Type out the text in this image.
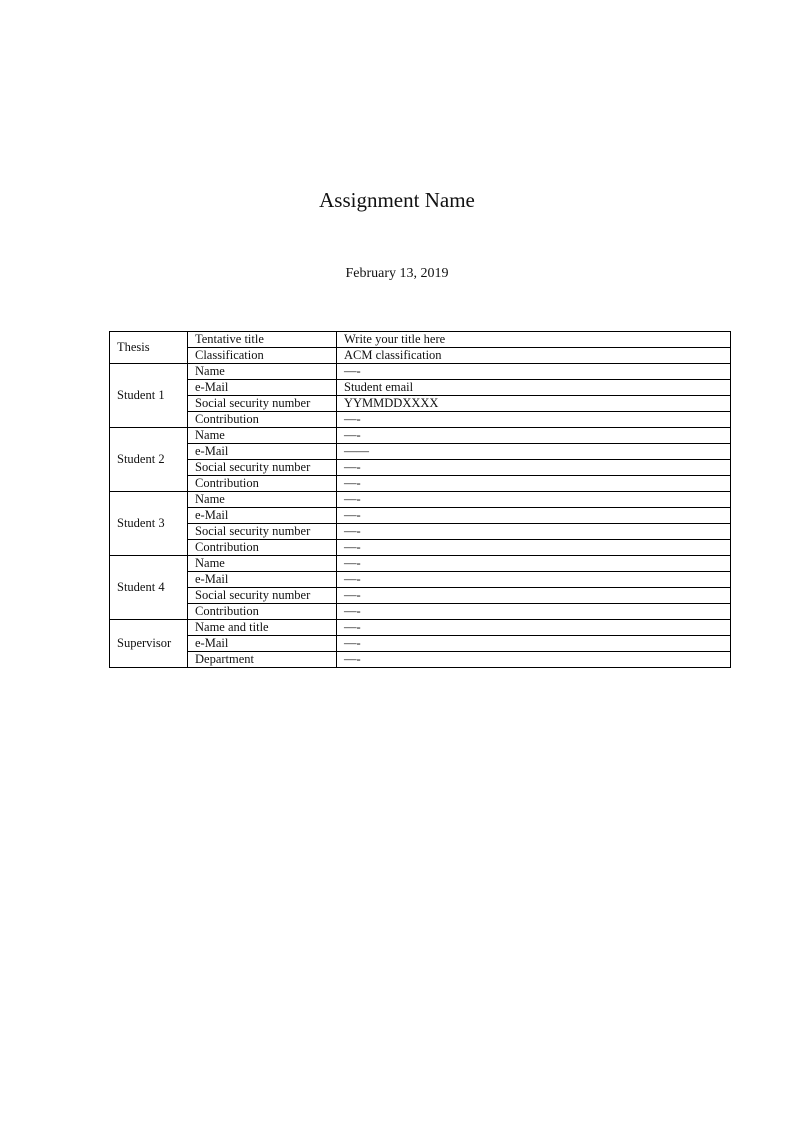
Assignment Name
February 13, 2019
Thesis	Tentative title	Write your title here
	Classification	ACM classification
Student 1	Name	—-
	e-Mail	Student email
	Social security number	YYMMDDXXXX
	Contribution	—-
Student 2	Name	—-
	e-Mail	——
	Social security number	—-
	Contribution	—-
Student 3	Name	—-
	e-Mail	—-
	Social security number	—-
	Contribution	—-
Student 4	Name	—-
	e-Mail	—-
	Social security number	—-
	Contribution	—-
Supervisor	Name and title	—-
	e-Mail	—-
	Department	—-
